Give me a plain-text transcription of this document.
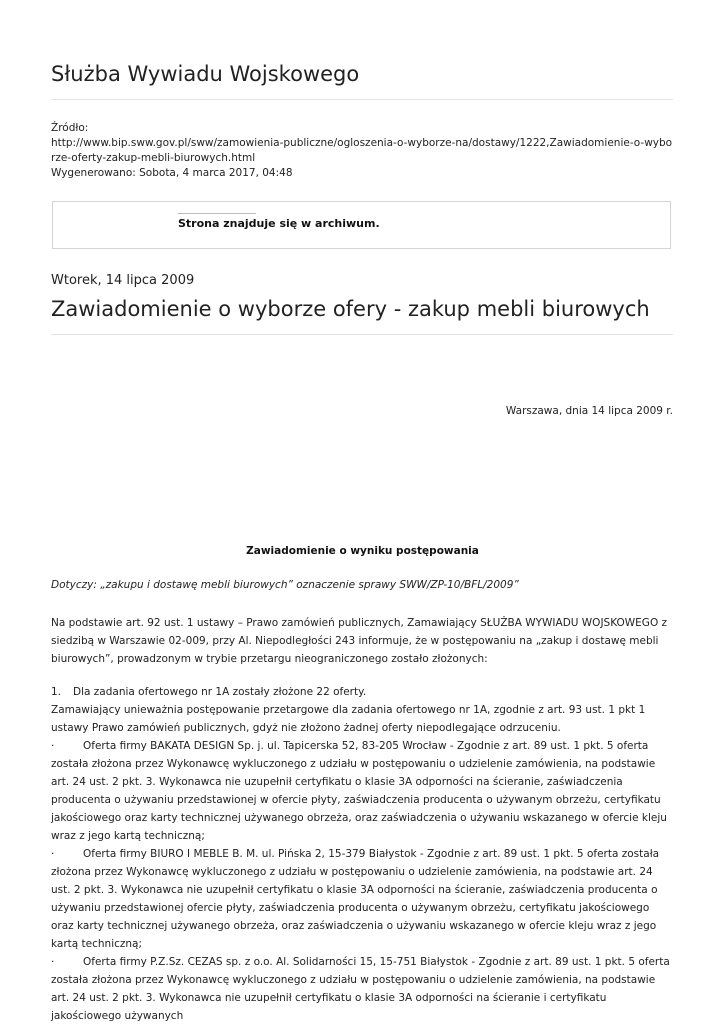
Służba Wywiadu Wojskowego
Źródło:
http://www.bip.sww.gov.pl/sww/zamowienia-publiczne/ogloszenia-o-wyborze-na/dostawy/1222,Zawiadomienie-o-wyborze-oferty-zakup-mebli-biurowych.html
Wygenerowano: Sobota, 4 marca 2017, 04:48
Strona znajduje się w archiwum.
Wtorek, 14 lipca 2009
Zawiadomienie o wyborze ofery - zakup mebli biurowych
Warszawa, dnia 14 lipca 2009 r.
Zawiadomienie o wyniku postępowania
Dotyczy: „zakupu i dostawę mebli biurowych” oznaczenie sprawy SWW/ZP-10/BFL/2009”

Na podstawie art. 92 ust. 1 ustawy – Prawo zamówień publicznych, Zamawiający SŁUŻBA WYWIADU WOJSKOWEGO z siedzibą w Warszawie 02-009, przy Al. Niepodległości 243 informuje, że w postępowaniu na „zakup i dostawę mebli biurowych”, prowadzonym w trybie przetargu nieograniczonego zostało złożonych:

1. Dla zadania ofertowego nr 1A zostały złożone 22 oferty.

Zamawiający unieważnia postępowanie przetargowe dla zadania ofertowego nr 1A, zgodnie z art. 93 ust. 1 pkt 1 ustawy Prawo zamówień publicznych, gdyż nie złożono żadnej oferty niepodlegające odrzuceniu.

·	Oferta firmy BAKATA DESIGN Sp. j. ul. Tapicerska 52, 83-205 Wrocław - Zgodnie z art. 89 ust. 1 pkt. 5 oferta została złożona przez Wykonawcę wykluczonego z udziału w postępowaniu o udzielenie zamówienia, na podstawie art. 24 ust. 2 pkt. 3. Wykonawca nie uzupełnił certyfikatu o klasie 3A odporności na ścieranie, zaświadczenia producenta o używaniu przedstawionej w ofercie płyty, zaświadczenia producenta o używanym obrzeżu, certyfikatu jakościowego oraz karty technicznej używanego obrzeża, oraz zaświadczenia o używaniu wskazanego w ofercie kleju wraz z jego kartą techniczną;

·	Oferta firmy BIURO I MEBLE B. M. ul. Pińska 2, 15-379 Białystok - Zgodnie z art. 89 ust. 1 pkt. 5 oferta została złożona przez Wykonawcę wykluczonego z udziału w postępowaniu o udzielenie zamówienia, na podstawie art. 24 ust. 2 pkt. 3. Wykonawca nie uzupełnił certyfikatu o klasie 3A odporności na ścieranie, zaświadczenia producenta o używaniu przedstawionej ofercie płyty, zaświadczenia producenta o używanym obrzeżu, certyfikatu jakościowego oraz karty technicznej używanego obrzeża, oraz zaświadczenia o używaniu wskazanego w ofercie kleju wraz z jego kartą techniczną;

·	Oferta firmy P.Z.Sz. CEZAS sp. z o.o. Al. Solidarności 15, 15-751 Białystok - Zgodnie z art. 89 ust. 1 pkt. 5 oferta została złożona przez Wykonawcę wykluczonego z udziału w postępowaniu o udzielenie zamówienia, na podstawie art. 24 ust. 2 pkt. 3. Wykonawca nie uzupełnił certyfikatu o klasie 3A odporności na ścieranie i certyfikatu jakościowego używanych
